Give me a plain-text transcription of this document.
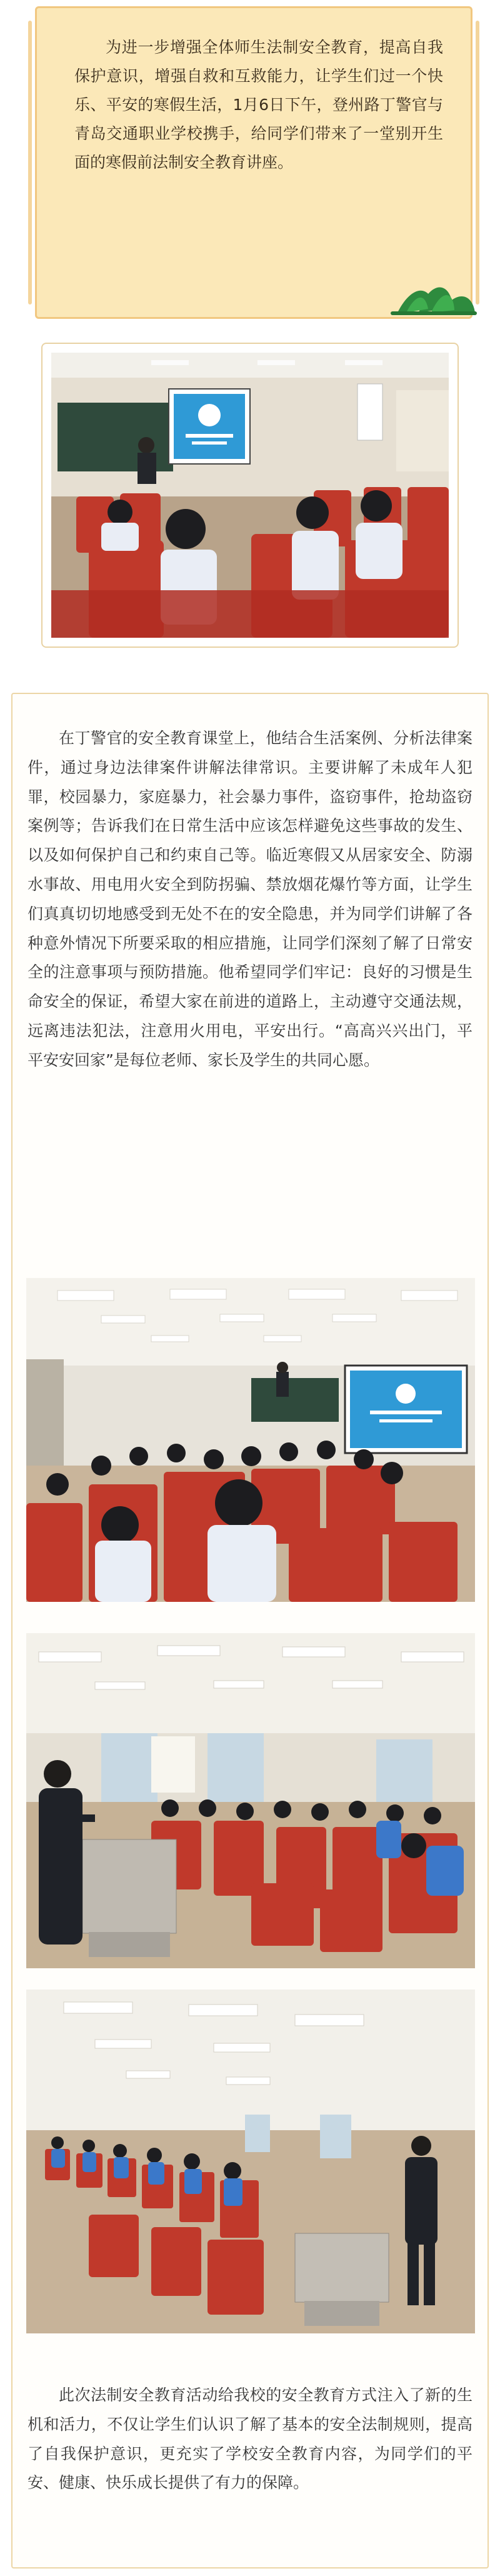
为进一步增强全体师生法制安全教育，提高自我保护意识，增强自救和互救能力，让学生们过一个快乐、平安的寒假生活，1月6日下午，登州路丁警官与青岛交通职业学校携手，给同学们带来了一堂别开生面的寒假前法制安全教育讲座。

在丁警官的安全教育课堂上，他结合生活案例、分析法律案件，通过身边法律案件讲解法律常识。主要讲解了未成年人犯罪，校园暴力，家庭暴力，社会暴力事件，盗窃事件，抢劫盗窃案例等；告诉我们在日常生活中应该怎样避免这些事故的发生、以及如何保护自己和约束自己等。临近寒假又从居家安全、防溺水事故、用电用火安全到防拐骗、禁放烟花爆竹等方面，让学生们真真切切地感受到无处不在的安全隐患，并为同学们讲解了各种意外情况下所要采取的相应措施，让同学们深刻了解了日常安全的注意事项与预防措施。他希望同学们牢记：良好的习惯是生命安全的保证，希望大家在前进的道路上，主动遵守交通法规，远离违法犯法，注意用火用电，平安出行。“高高兴兴出门，平平安安回家”是每位老师、家长及学生的共同心愿。

此次法制安全教育活动给我校的安全教育方式注入了新的生机和活力，不仅让学生们认识了解了基本的安全法制规则，提高了自我保护意识，更充实了学校安全教育内容，为同学们的平安、健康、快乐成长提供了有力的保障。
